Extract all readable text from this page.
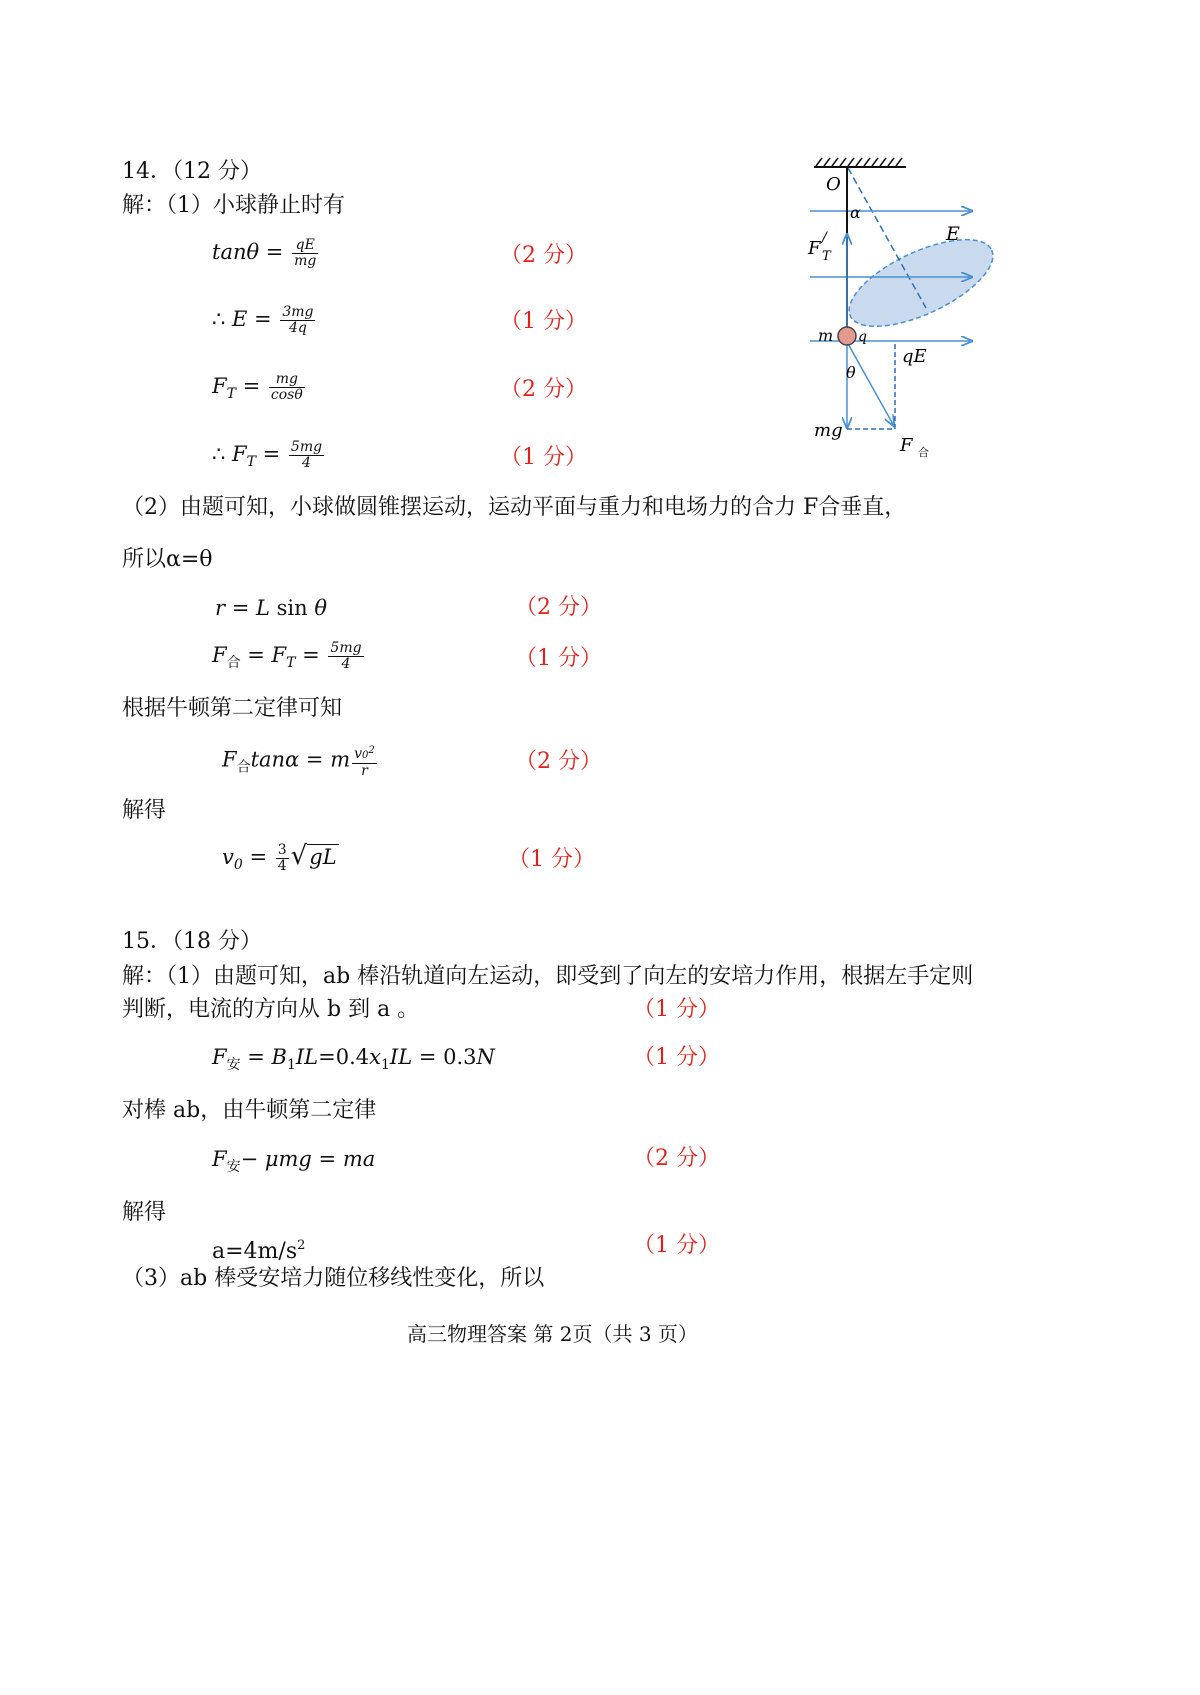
14．（12 分）
解：（1）小球静止时有
$\tan\theta = \frac{qE}{mg}$	（2 分）
∴ $E = \frac{3mg}{4q}$	（1 分）
$F_T = \frac{mg}{\cos\theta}$	（2 分）
∴ $F_T = \frac{5mg}{4}$	（1 分）
（2）由题可知，小球做圆锥摆运动，运动平面与重力和电场力的合力 F合垂直，
所以α=θ
r = L sin θ	（2 分）
$F_合 = F_T = \frac{5mg}{4}$	（1 分）
根据牛顿第二定律可知
$F_合\tan\alpha = m \frac{v0^2}{r}$	（2 分）
解得
$v_0 = \frac{3}{4} √gL$	（1 分）
O
α
E
F T
/
m q
qE
θ
mg
F 合
15．（18 分）
解：（1）由题可知，ab 棒沿轨道向左运动，即受到了向左的安培力作用，根据左手定则
判断，电流的方向从 b 到 a 。	（1 分）
$F_安 = B_1IL=0.4x_1IL = 0.3N$	（1 分）
对棒 ab，由牛顿第二定律
$F_安- \mu mg$ = ma	（2 分）
解得
$a=4m/s^2$	（1 分）
（3）ab 棒受安培力随位移线性变化，所以
高三物理答案 第 2页（共 3 页）
